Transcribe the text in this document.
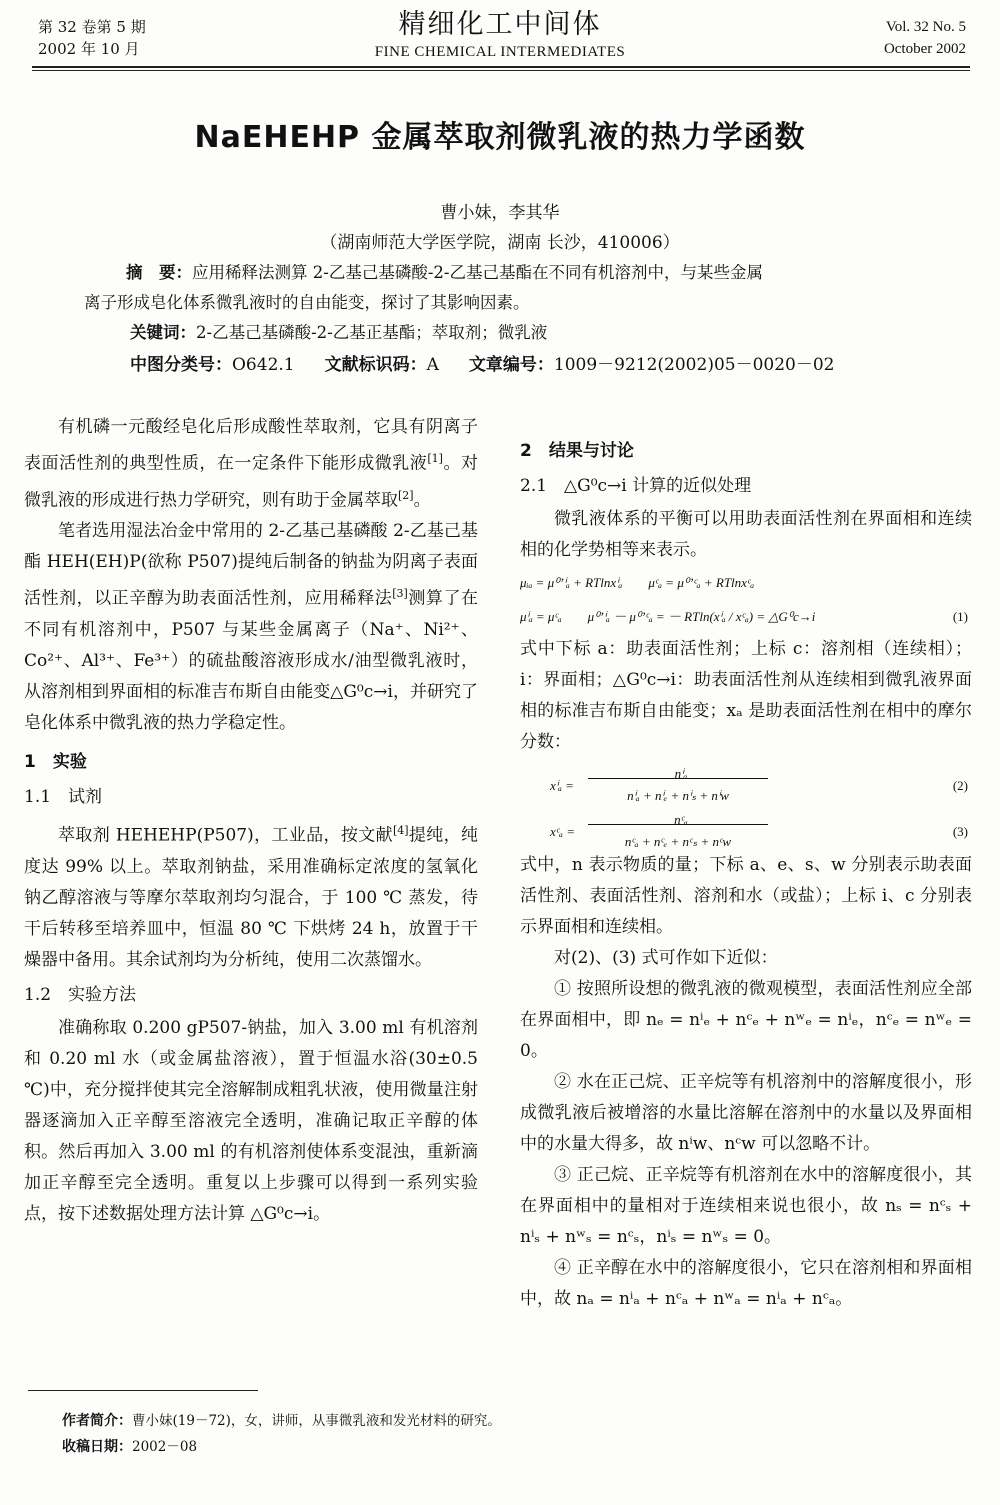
第 32 卷第 5 期
2002 年 10 月
精细化工中间体
FINE CHEMICAL INTERMEDIATES
Vol. 32 No. 5
October 2002
NaEHEHP 金属萃取剂微乳液的热力学函数
曹小妹，李其华
（湖南师范大学医学院，湖南 长沙，410006）
摘　要：应用稀释法测算 2-乙基己基磷酸-2-乙基己基酯在不同有机溶剂中，与某些金属
离子形成皂化体系微乳液时的自由能变，探讨了其影响因素。
关键词：2-乙基己基磷酸-2-乙基正基酯；萃取剂；微乳液
中图分类号：O642.1 文献标识码：A 文章编号：1009－9212(2002)05－0020－02

有机磷一元酸经皂化后形成酸性萃取剂，它具有阴离子表面活性剂的典型性质，在一定条件下能形成微乳液[1]。对微乳液的形成进行热力学研究，则有助于金属萃取[2]。

笔者选用湿法冶金中常用的 2-乙基己基磷酸 2-乙基己基酯 HEH(EH)P(欲称 P507)提纯后制备的钠盐为阴离子表面活性剂，以正辛醇为助表面活性剂，应用稀释法[3]测算了在不同有机溶剂中，P507 与某些金属离子（Na⁺、Ni²⁺、Co²⁺、Al³⁺、Fe³⁺）的硫盐酸溶液形成水/油型微乳液时，从溶剂相到界面相的标准吉布斯自由能变△G⁰c→i，并研究了皂化体系中微乳液的热力学稳定性。

1　实验

1.1　试剂

萃取剂 HEHEHP(P507)，工业品，按文献[4]提纯，纯度达 99% 以上。萃取剂钠盐，采用准确标定浓度的氢氧化钠乙醇溶液与等摩尔萃取剂均匀混合，于 100 ℃ 蒸发，待干后转移至培养皿中，恒温 80 ℃ 下烘烤 24 h，放置于干燥器中备用。其余试剂均为分析纯，使用二次蒸馏水。

1.2　实验方法

准确称取 0.200 gP507-钠盐，加入 3.00 ml 有机溶剂和 0.20 ml 水（或金属盐溶液），置于恒温水浴(30±0.5 ℃)中，充分搅拌使其完全溶解制成粗乳状液，使用微量注射器逐滴加入正辛醇至溶液完全透明，准确记取正辛醇的体积。然后再加入 3.00 ml 的有机溶剂使体系变混浊，重新滴加正辛醇至完全透明。重复以上步骤可以得到一系列实验点，按下述数据处理方法计算 △G⁰c→i。

2　结果与讨论

2.1　△G⁰c→i 计算的近似处理

微乳液体系的平衡可以用助表面活性剂在界面相和连续相的化学势相等来表示。

μᵢₐ = μ⁰ʼⁱₐ + RTlnxⁱₐ   μᶜₐ = μ⁰ʼᶜₐ + RTlnxᶜₐ
μⁱₐ = μᶜₐ　　μ⁰ʼⁱₐ － μ⁰ʼᶜₐ = － RTln(xⁱₐ / xᶜₐ) = △G⁰c→i	(1)

式中下标 a：助表面活性剂；上标 c：溶剂相（连续相）；i：界面相；△G⁰c→i：助表面活性剂从连续相到微乳液界面相的标准吉布斯自由能变；xₐ 是助表面活性剂在相中的摩尔分数：

xⁱₐ =
nⁱₐ
nⁱₐ + nⁱₑ + nⁱₛ + nⁱw
(2)
xᶜₐ =
nᶜₐ
nᶜₐ + nᶜₑ + nᶜₛ + nᶜw
(3)

式中，n 表示物质的量；下标 a、e、s、w 分别表示助表面活性剂、表面活性剂、溶剂和水（或盐）；上标 i、c 分别表示界面相和连续相。

对(2)、(3) 式可作如下近似：

① 按照所设想的微乳液的微观模型，表面活性剂应全部在界面相中，即 nₑ = nⁱₑ + nᶜₑ + nʷₑ = nⁱₑ，nᶜₑ = nʷₑ = 0。

② 水在正己烷、正辛烷等有机溶剂中的溶解度很小，形成微乳液后被增溶的水量比溶解在溶剂中的水量以及界面相中的水量大得多，故 nⁱw、nᶜw 可以忽略不计。

③ 正己烷、正辛烷等有机溶剂在水中的溶解度很小，其在界面相中的量相对于连续相来说也很小，故 nₛ = nᶜₛ + nⁱₛ + nʷₛ = nᶜₛ，nⁱₛ = nʷₛ = 0。

④ 正辛醇在水中的溶解度很小，它只在溶剂相和界面相中，故 nₐ = nⁱₐ + nᶜₐ + nʷₐ = nⁱₐ + nᶜₐ。

作者简介：曹小妹(19－72)，女，讲师，从事微乳液和发光材料的研究。
收稿日期：2002－08
